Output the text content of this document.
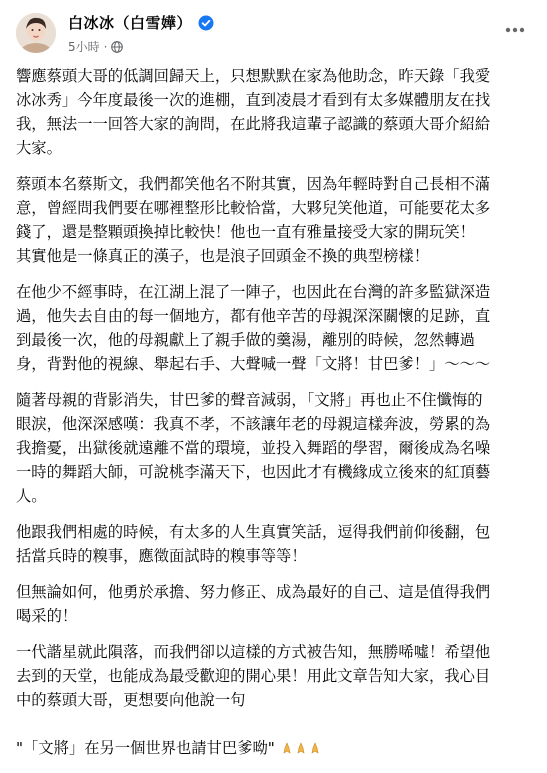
白冰冰（白雪嬅）
5小時 ·

響應蔡頭大哥的低調回歸天上，只想默默在家為他助念，昨天錄「我愛
冰冰秀」今年度最後一次的進棚，直到凌晨才看到有太多媒體朋友在找
我，無法一一回答大家的詢問，在此將我這輩子認識的蔡頭大哥介紹給
大家。

蔡頭本名蔡斯文，我們都笑他名不附其實，因為年輕時對自己長相不滿
意，曾經問我們要在哪裡整形比較恰當，大夥兒笑他道，可能要花太多
錢了，還是整顆頭換掉比較快！他也一直有雅量接受大家的開玩笑！
其實他是一條真正的漢子，也是浪子回頭金不換的典型榜樣！

在他少不經事時，在江湖上混了一陣子，也因此在台灣的許多監獄深造
過，他失去自由的每一個地方，都有他辛苦的母親深深關懷的足跡，直
到最後一次，他的母親獻上了親手做的羹湯，離別的時候，忽然轉過
身，背對他的視線、舉起右手、大聲喊一聲「文將！甘巴爹！」～～～

隨著母親的背影消失，甘巴爹的聲音減弱，「文將」再也止不住懺悔的
眼淚，他深深感嘆：我真不孝，不該讓年老的母親這樣奔波，勞累的為
我擔憂，出獄後就遠離不當的環境，並投入舞蹈的學習，爾後成為名噪
一時的舞蹈大師，可說桃李滿天下，也因此才有機緣成立後來的紅頂藝
人。

他跟我們相處的時候，有太多的人生真實笑話，逗得我們前仰後翻，包
括當兵時的糗事，應徵面試時的糗事等等！

但無論如何，他勇於承擔、努力修正、成為最好的自己、這是值得我們
喝采的！

一代諧星就此隕落，而我們卻以這樣的方式被告知，無勝唏噓！希望他
去到的天堂，也能成為最受歡迎的開心果！用此文章告知大家，我心目
中的蔡頭大哥，更想要向他說一句

"「文將」在另一個世界也請甘巴爹呦"
